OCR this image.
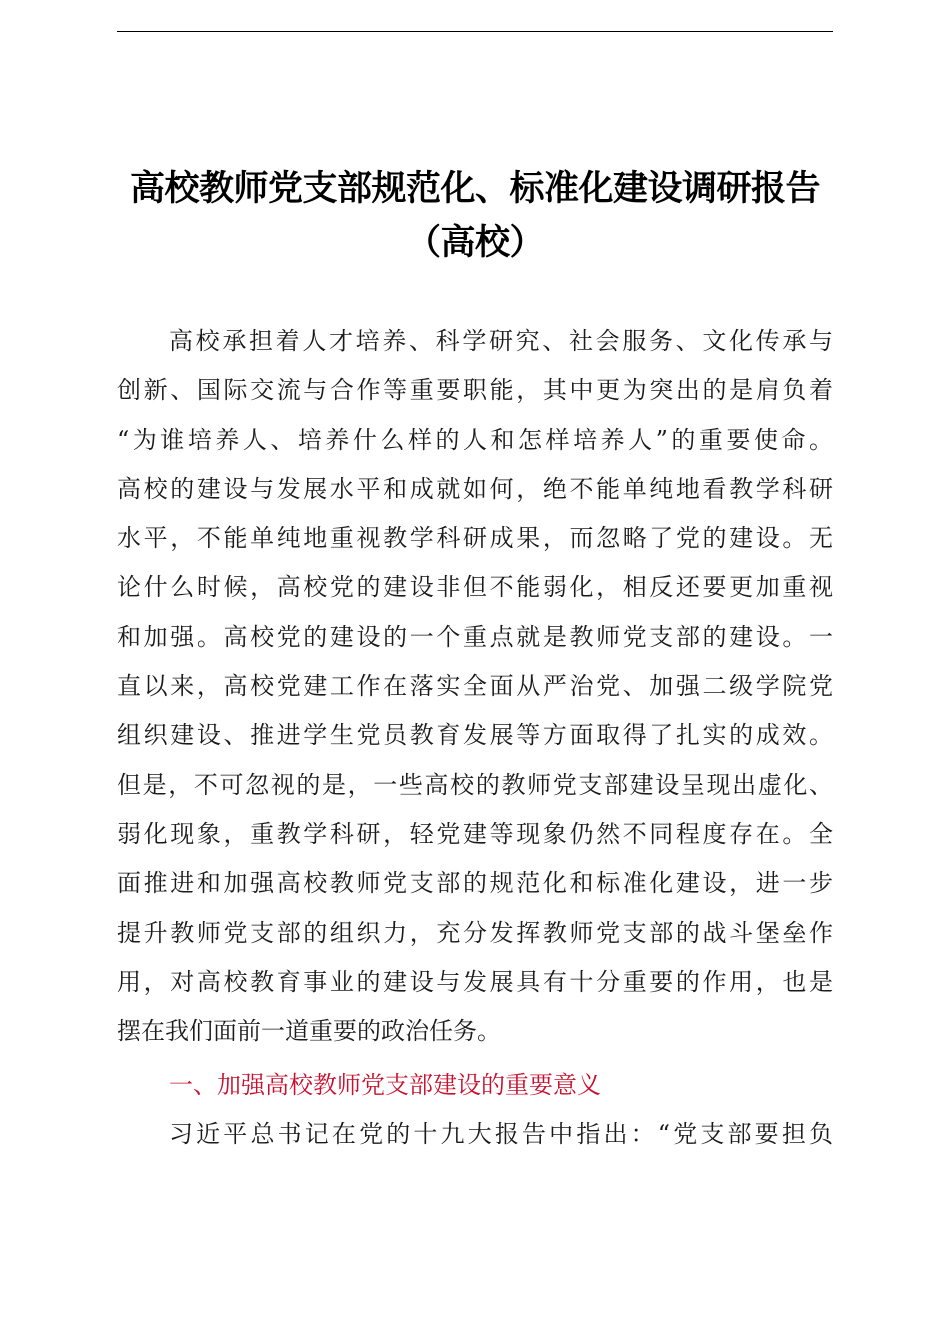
高校教师党支部规范化、标准化建设调研报告
（高校）
高校承担着人才培养、科学研究、社会服务、文化传承与
创新、国际交流与合作等重要职能，其中更为突出的是肩负着
“为谁培养人、培养什么样的人和怎样培养人”的重要使命。
高校的建设与发展水平和成就如何，绝不能单纯地看教学科研
水平，不能单纯地重视教学科研成果，而忽略了党的建设。无
论什么时候，高校党的建设非但不能弱化，相反还要更加重视
和加强。高校党的建设的一个重点就是教师党支部的建设。一
直以来，高校党建工作在落实全面从严治党、加强二级学院党
组织建设、推进学生党员教育发展等方面取得了扎实的成效。
但是，不可忽视的是，一些高校的教师党支部建设呈现出虚化、
弱化现象，重教学科研，轻党建等现象仍然不同程度存在。全
面推进和加强高校教师党支部的规范化和标准化建设，进一步
提升教师党支部的组织力，充分发挥教师党支部的战斗堡垒作
用，对高校教育事业的建设与发展具有十分重要的作用，也是
摆在我们面前一道重要的政治任务。
一、加强高校教师党支部建设的重要意义
习近平总书记在党的十九大报告中指出：“党支部要担负
